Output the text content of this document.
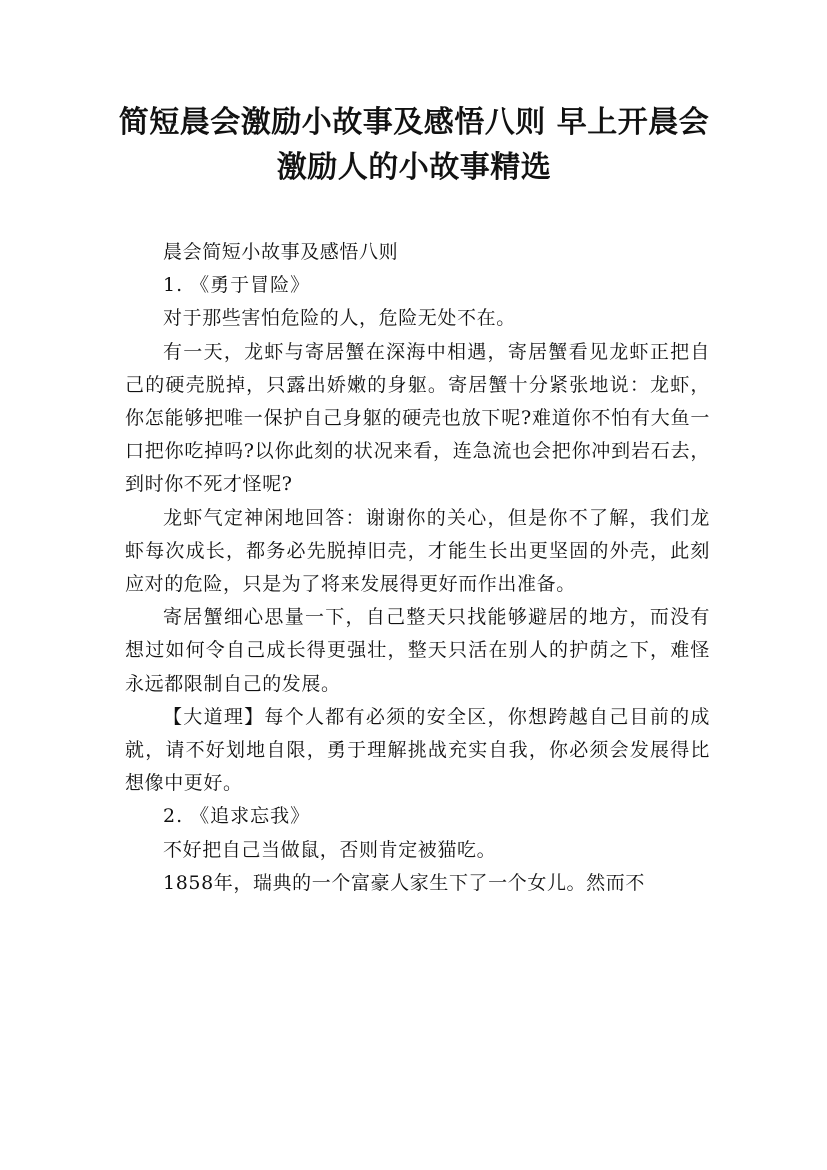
简短晨会激励小故事及感悟八则 早上开晨会激励人的小故事精选

晨会简短小故事及感悟八则

1. 《勇于冒险》

对于那些害怕危险的人，危险无处不在。

有一天，龙虾与寄居蟹在深海中相遇，寄居蟹看见龙虾正把自己的硬壳脱掉，只露出娇嫩的身躯。寄居蟹十分紧张地说：龙虾，你怎能够把唯一保护自己身躯的硬壳也放下呢?难道你不怕有大鱼一口把你吃掉吗?以你此刻的状况来看，连急流也会把你冲到岩石去，到时你不死才怪呢?

龙虾气定神闲地回答：谢谢你的关心，但是你不了解，我们龙虾每次成长，都务必先脱掉旧壳，才能生长出更坚固的外壳，此刻应对的危险，只是为了将来发展得更好而作出准备。

寄居蟹细心思量一下，自己整天只找能够避居的地方，而没有想过如何令自己成长得更强壮，整天只活在别人的护荫之下，难怪永远都限制自己的发展。

【大道理】每个人都有必须的安全区，你想跨越自己目前的成就，请不好划地自限，勇于理解挑战充实自我，你必须会发展得比想像中更好。

2. 《追求忘我》

不好把自己当做鼠，否则肯定被猫吃。

1858年，瑞典的一个富豪人家生下了一个女儿。然而不
